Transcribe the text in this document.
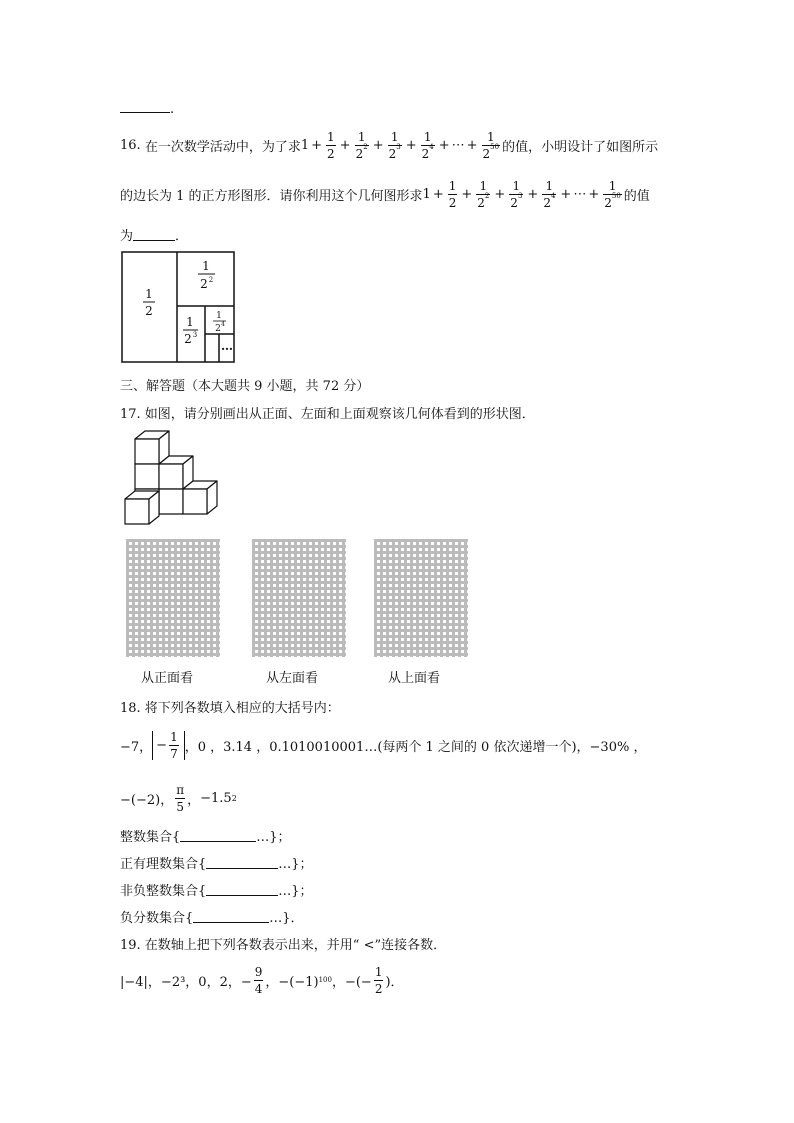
.
16.
在一次数学活动中，为了求 $1 + \frac{1}{2} + \frac{1}{2^2} + \frac{1}{2^3} + \frac{1}{2^4}$ + ⋯ + $\frac{1}{2^{50}}$ 的值，小明设计了如图所示
的边长为 1 的正方形图形．请你利用这个几何图形求 $1 + \frac{1}{2} + \frac{1}{2^2} + \frac{1}{2^3} + \frac{1}{2^4}$ + ⋯ + $\frac{1}{2^{50}}$ 的值
为	．
1
2
1
2 2
1
2 3
1
2 4
…
三、解答题（本大题共 9 小题，共 72 分）
17. 如图，请分别画出从正面、左面和上面观察该几何体看到的形状图．
从正面看	从左面看	从上面看
18. 将下列各数填入相应的大括号内：
−7， − $\frac{1}{7}$ ，0 ，3.14 ，0.1010010001…(每两个 1 之间的 0 依次递增一个)，−30% ，
−(−2)， $\frac{\pi}{5}$ ， −1.5 2
整数集合{	…}；
正有理数集合{	…}；
非负整数集合{	…}；
负分数集合{	…}．
19. 在数轴上把下列各数表示出来，并用“ <”连接各数．
|−4|，−2³，0，2，− $\frac{9}{4}$ ，−(−1) 100 ，−(− $\frac{1}{2}$ )．
